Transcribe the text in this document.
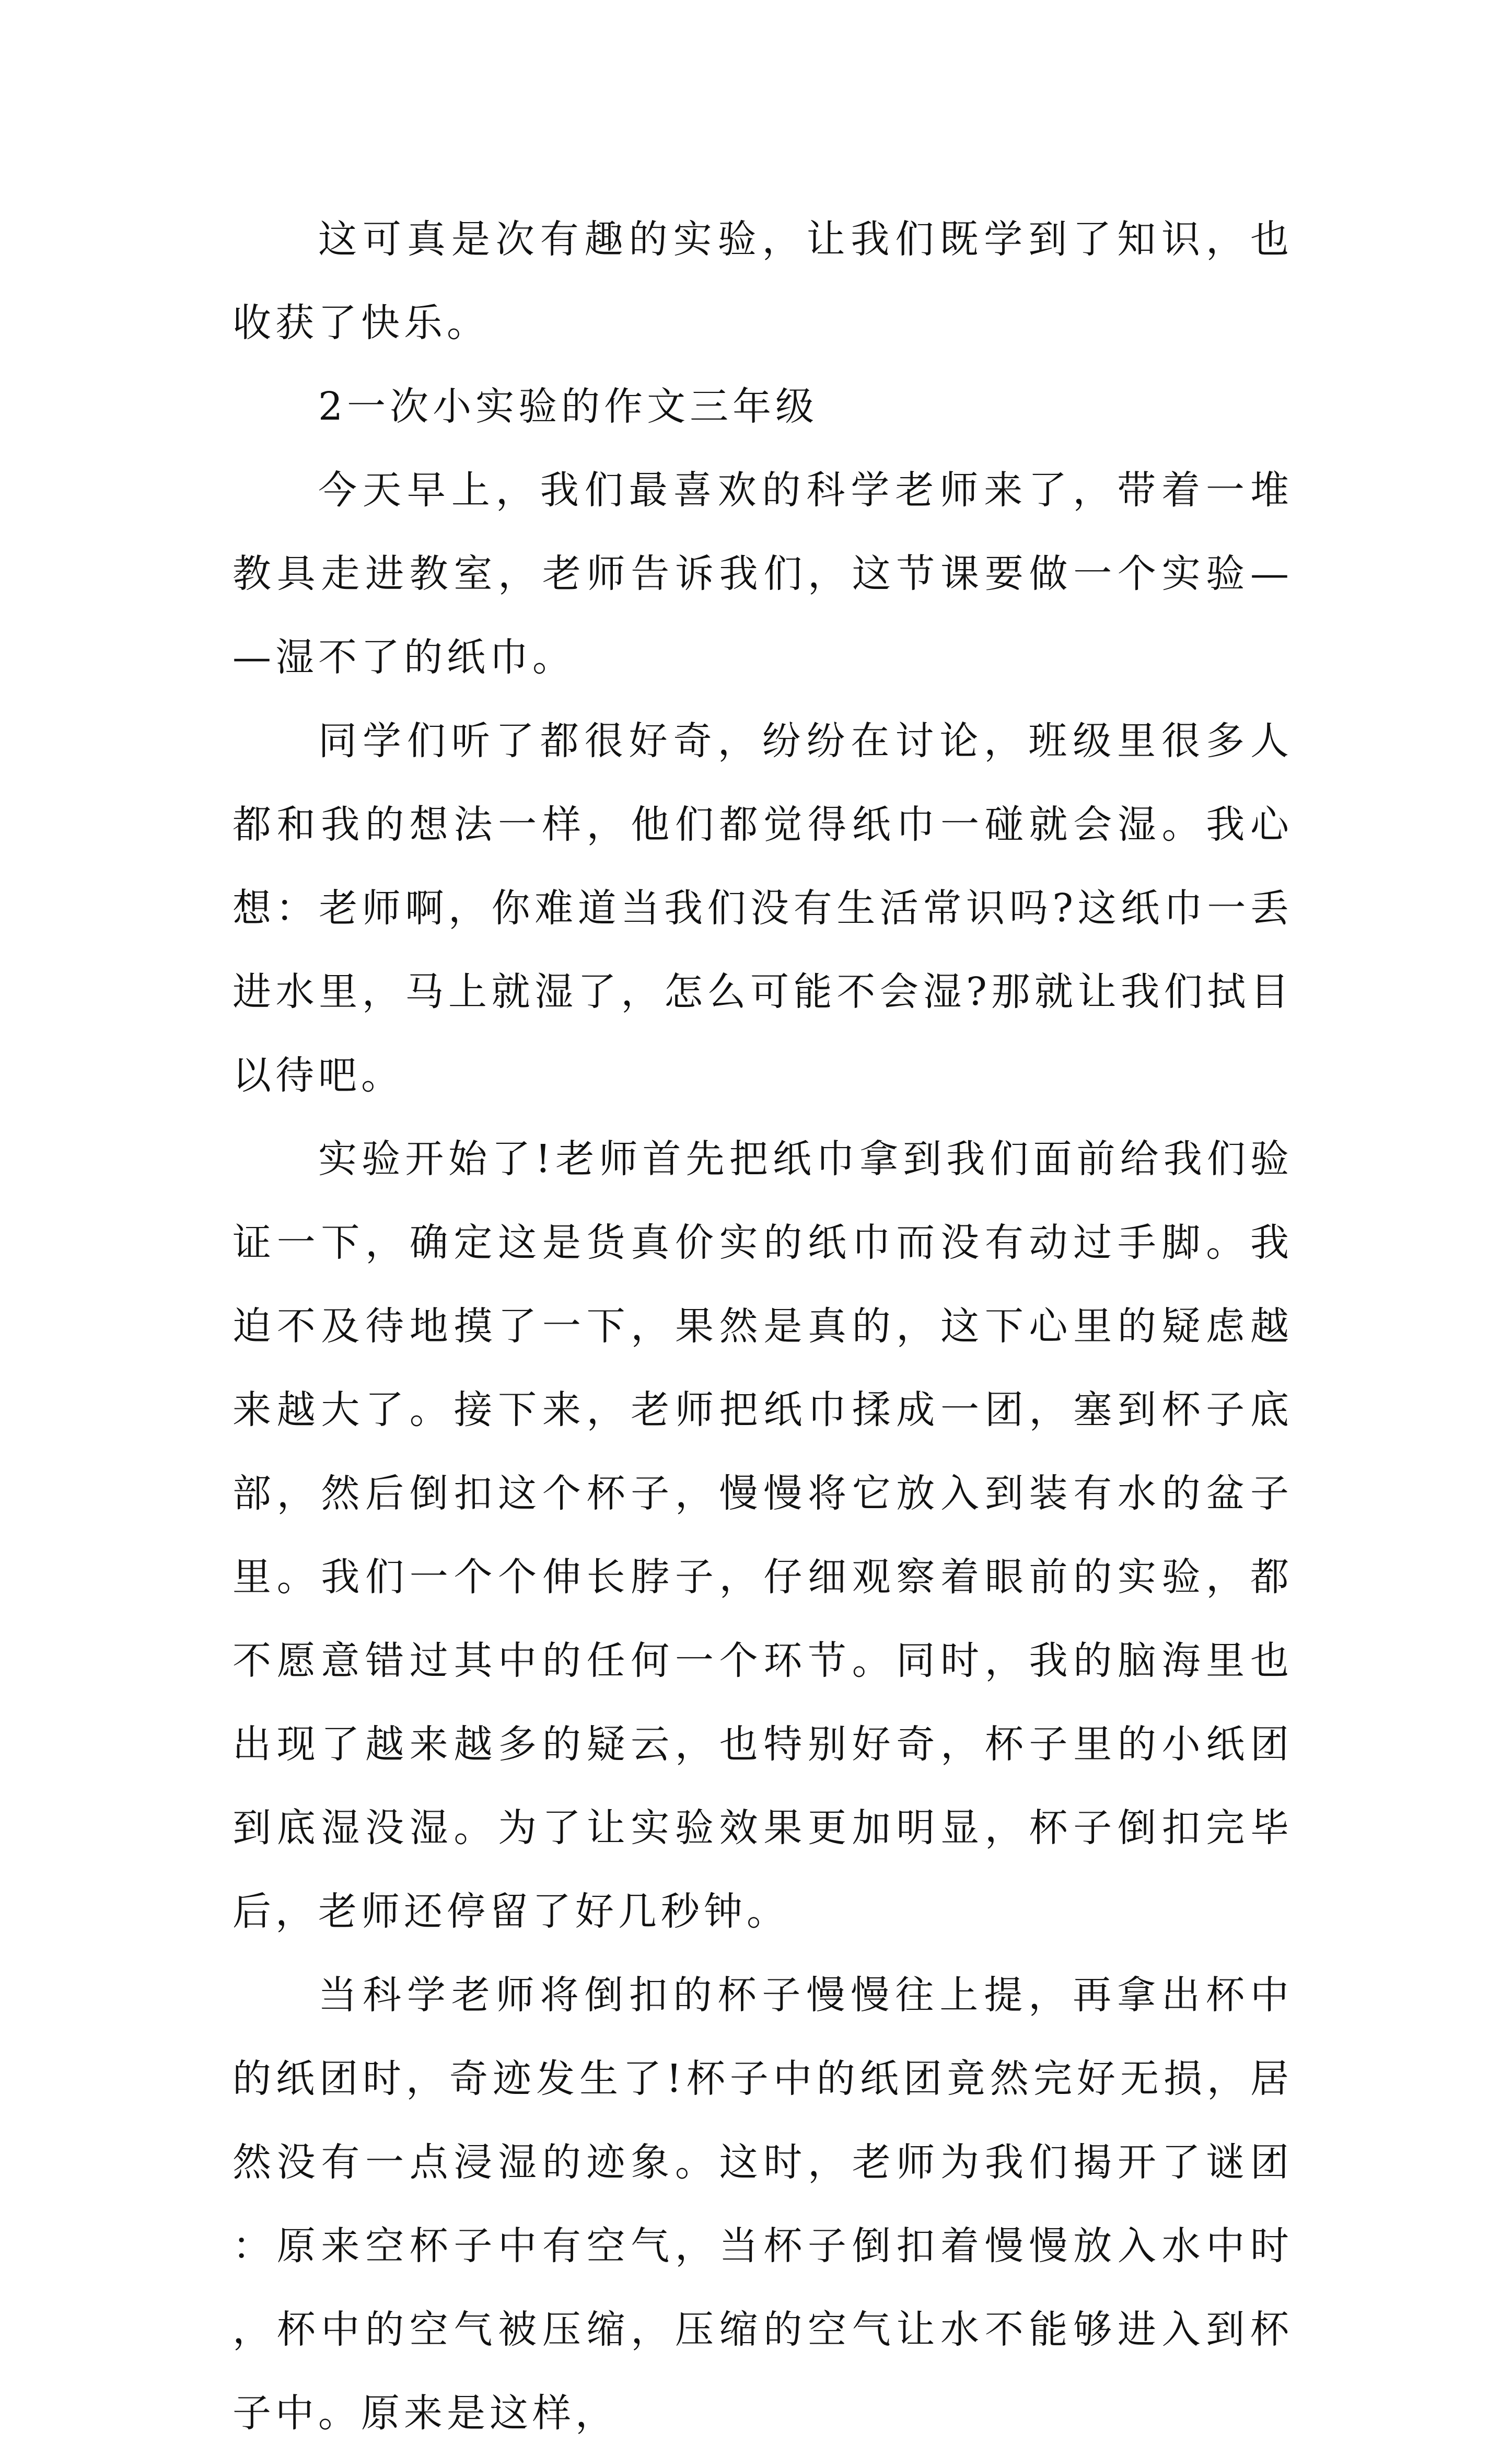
这可真是次有趣的实验，让我们既学到了知识，也收获了快乐。

2一次小实验的作文三年级

今天早上，我们最喜欢的科学老师来了，带着一堆教具走进教室，老师告诉我们，这节课要做一个实验——湿不了的纸巾。

同学们听了都很好奇，纷纷在讨论，班级里很多人都和我的想法一样，他们都觉得纸巾一碰就会湿。我心想：老师啊，你难道当我们没有生活常识吗?这纸巾一丢进水里，马上就湿了，怎么可能不会湿?那就让我们拭目以待吧。

实验开始了!老师首先把纸巾拿到我们面前给我们验证一下，确定这是货真价实的纸巾而没有动过手脚。我迫不及待地摸了一下，果然是真的，这下心里的疑虑越来越大了。接下来，老师把纸巾揉成一团，塞到杯子底部，然后倒扣这个杯子，慢慢将它放入到装有水的盆子里。我们一个个伸长脖子，仔细观察着眼前的实验，都不愿意错过其中的任何一个环节。同时，我的脑海里也出现了越来越多的疑云，也特别好奇，杯子里的小纸团到底湿没湿。为了让实验效果更加明显，杯子倒扣完毕后，老师还停留了好几秒钟。

当科学老师将倒扣的杯子慢慢往上提，再拿出杯中的纸团时，奇迹发生了!杯子中的纸团竟然完好无损，居然没有一点浸湿的迹象。这时，老师为我们揭开了谜团：原来空杯子中有空气，当杯子倒扣着慢慢放入水中时，杯中的空气被压缩，压缩的空气让水不能够进入到杯子中。原来是这样，
